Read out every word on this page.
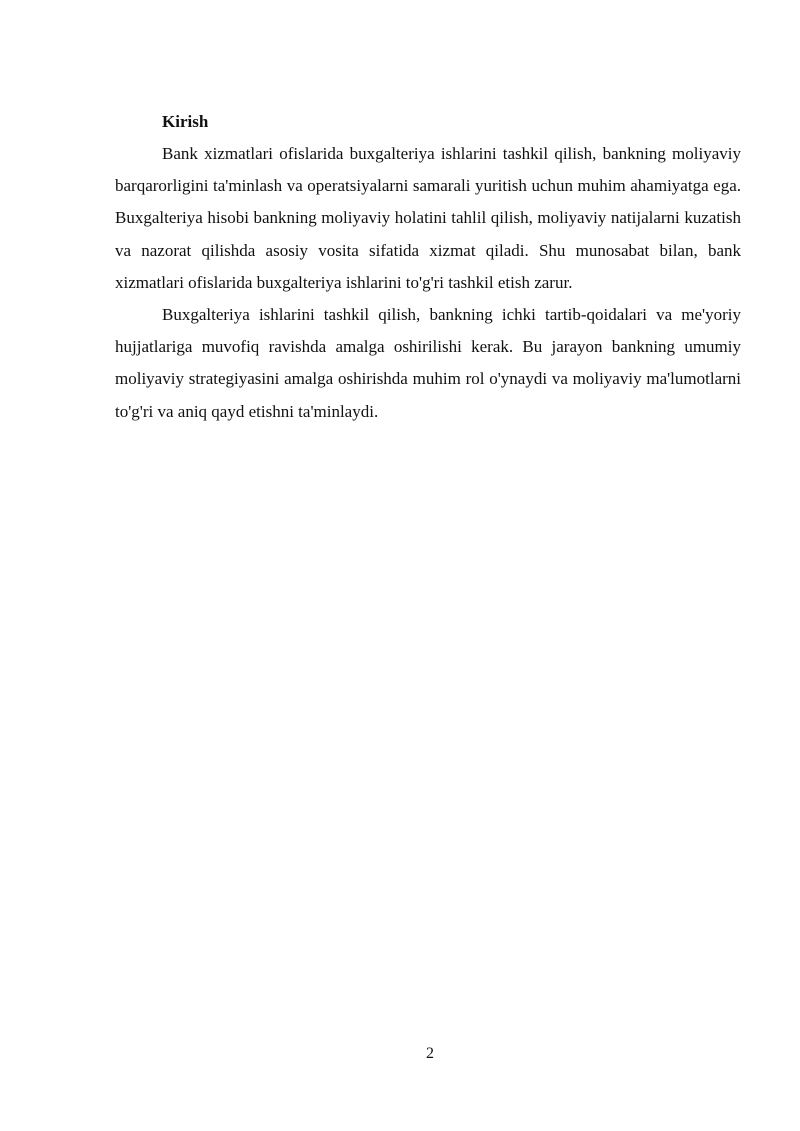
Kirish

Bank xizmatlari ofislarida buxgalteriya ishlarini tashkil qilish, bankning moliyaviy barqarorligini ta'minlash va operatsiyalarni samarali yuritish uchun muhim ahamiyatga ega. Buxgalteriya hisobi bankning moliyaviy holatini tahlil qilish, moliyaviy natijalarni kuzatish va nazorat qilishda asosiy vosita sifatida xizmat qiladi. Shu munosabat bilan, bank xizmatlari ofislarida buxgalteriya ishlarini to'g'ri tashkil etish zarur.

Buxgalteriya ishlarini tashkil qilish, bankning ichki tartib-qoidalari va me'yoriy hujjatlariga muvofiq ravishda amalga oshirilishi kerak. Bu jarayon bankning umumiy moliyaviy strategiyasini amalga oshirishda muhim rol o'ynaydi va moliyaviy ma'lumotlarni to'g'ri va aniq qayd etishni ta'minlaydi.

2
